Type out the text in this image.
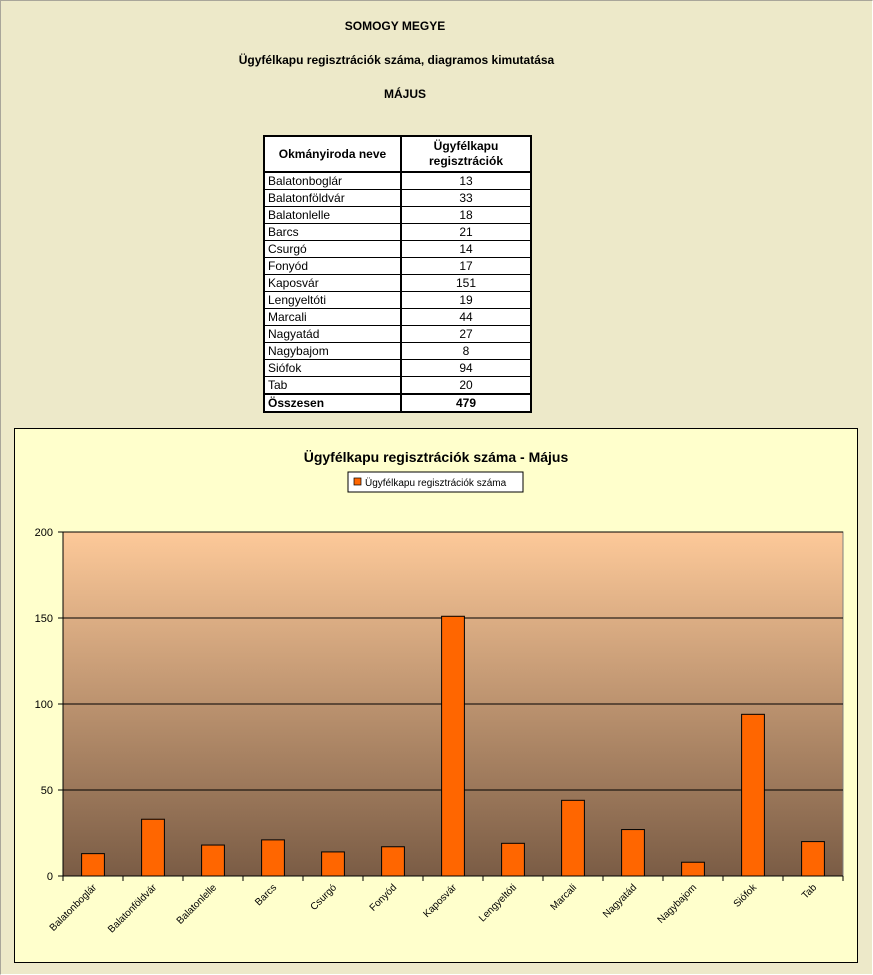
SOMOGY MEGYE
Ügyfélkapu regisztrációk száma, diagramos kimutatása
MÁJUS
Okmányiroda neve	Ügyfélkapu
regisztrációk
Balatonboglár	13
Balatonföldvár	33
Balatonlelle	18
Barcs	21
Csurgó	14
Fonyód	17
Kaposvár	151
Lengyeltóti	19
Marcali	44
Nagyatád	27
Nagybajom	8
Siófok	94
Tab	20
Összesen	479
Ügyfélkapu regisztrációk száma - Május
Ügyfélkapu regisztrációk száma
0
50
100
150
200
Balatonboglár Balatonföldvár Balatonlelle	Barcs	Csurgó	Fonyód Kaposvár Lengyeltóti	Marcali Nagyatád Nagybajom	Siófok	Tab
